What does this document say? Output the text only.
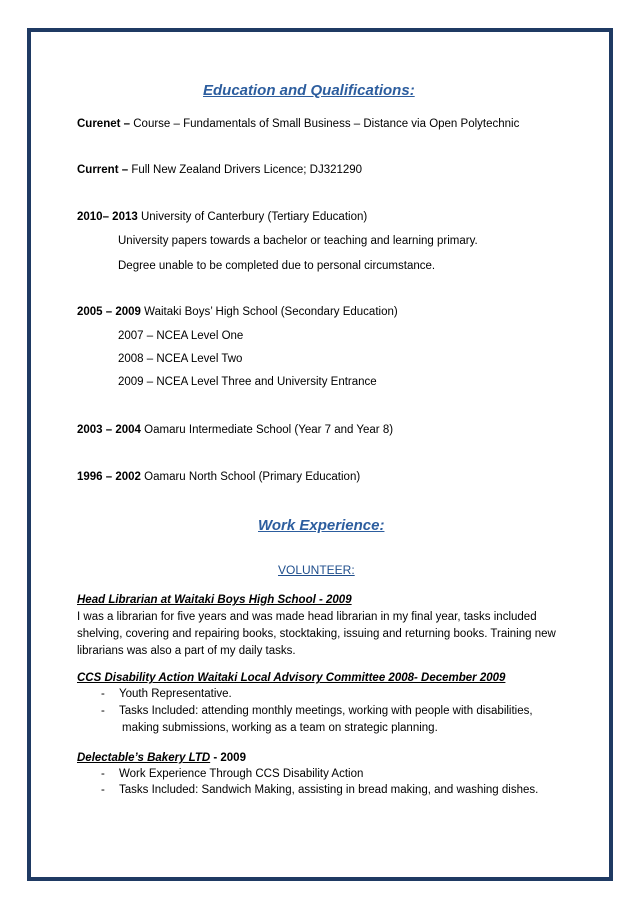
Education and Qualifications:
Curenet – Course – Fundamentals of Small Business – Distance via Open Polytechnic
Current – Full New Zealand Drivers Licence; DJ321290
2010– 2013 University of Canterbury (Tertiary Education)
University papers towards a bachelor or teaching and learning primary.
Degree unable to be completed due to personal circumstance.
2005 – 2009 Waitaki Boys’ High School (Secondary Education)
2007 – NCEA Level One
2008 – NCEA Level Two
2009 – NCEA Level Three and University Entrance
2003 – 2004 Oamaru Intermediate School (Year 7 and Year 8)
1996 – 2002 Oamaru North School (Primary Education)
Work Experience:
VOLUNTEER:
Head Librarian at Waitaki Boys High School - 2009
I was a librarian for five years and was made head librarian in my final year, tasks included shelving, covering and repairing books, stocktaking, issuing and returning books. Training new librarians was also a part of my daily tasks.
CCS Disability Action Waitaki Local Advisory Committee 2008- December 2009
- Youth Representative.
- Tasks Included: attending monthly meetings, working with people with disabilities,
making submissions, working as a team on strategic planning.
Delectable’s Bakery LTD - 2009
- Work Experience Through CCS Disability Action
- Tasks Included: Sandwich Making, assisting in bread making, and washing dishes.
